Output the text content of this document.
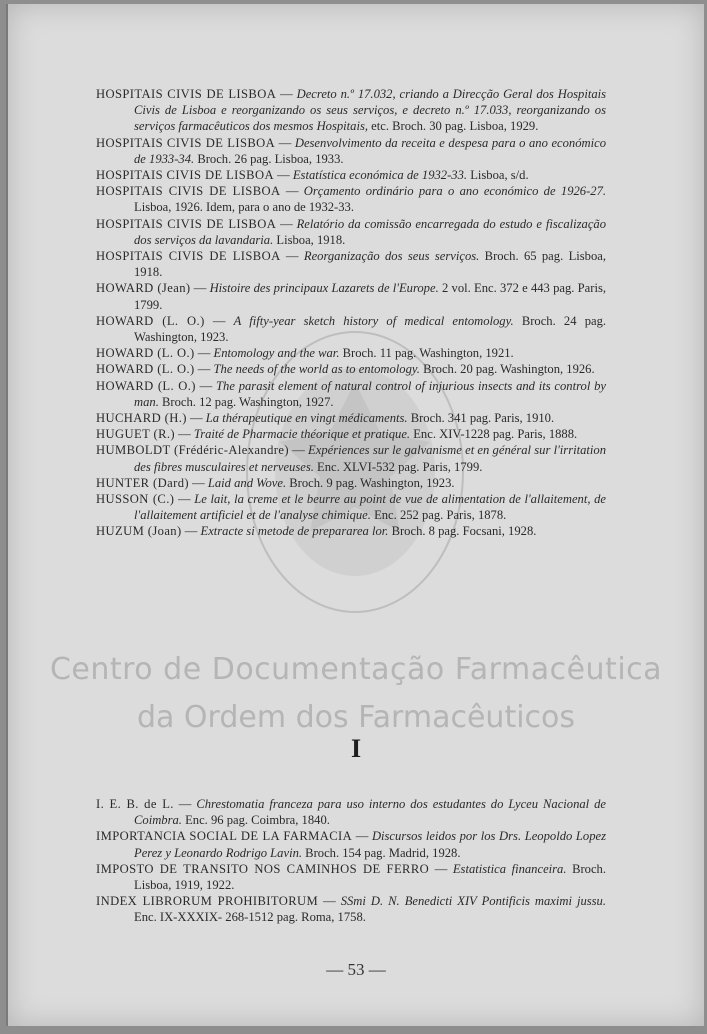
HOSPITAIS CIVIS DE LISBOA — Decreto n.º 17.032, criando a Direcção Geral dos Hospitais Civis de Lisboa e reorganizando os seus serviços, e decreto n.º 17.033, reorganizando os serviços farmacêuticos dos mesmos Hospitais, etc. Broch. 30 pag. Lisboa, 1929.

HOSPITAIS CIVIS DE LISBOA — Desenvolvimento da receita e despesa para o ano económico de 1933-34. Broch. 26 pag. Lisboa, 1933.

HOSPITAIS CIVIS DE LISBOA — Estatística económica de 1932-33. Lisboa, s/d.

HOSPITAIS CIVIS DE LISBOA — Orçamento ordinário para o ano económico de 1926-27. Lisboa, 1926. Idem, para o ano de 1932-33.

HOSPITAIS CIVIS DE LISBOA — Relatório da comissão encarregada do estudo e fiscalização dos serviços da lavandaria. Lisboa, 1918.

HOSPITAIS CIVIS DE LISBOA — Reorganização dos seus serviços. Broch. 65 pag. Lisboa, 1918.

HOWARD (Jean) — Histoire des principaux Lazarets de l'Europe. 2 vol. Enc. 372 e 443 pag. Paris, 1799.

HOWARD (L. O.) — A fifty-year sketch history of medical entomology. Broch. 24 pag. Washington, 1923.

HOWARD (L. O.) — Entomology and the war. Broch. 11 pag. Washington, 1921.

HOWARD (L. O.) — The needs of the world as to entomology. Broch. 20 pag. Washington, 1926.

HOWARD (L. O.) — The parasit element of natural control of injurious insects and its control by man. Broch. 12 pag. Washington, 1927.

HUCHARD (H.) — La thérapeutique en vingt médicaments. Broch. 341 pag. Paris, 1910.

HUGUET (R.) — Traité de Pharmacie théorique et pratique. Enc. XIV-1228 pag. Paris, 1888.

HUMBOLDT (Frédéric-Alexandre) — Expériences sur le galvanisme et en général sur l'irritation des fibres musculaires et nerveuses. Enc. XLVI-532 pag. Paris, 1799.

HUNTER (Dard) — Laid and Wove. Broch. 9 pag. Washington, 1923.

HUSSON (C.) — Le lait, la creme et le beurre au point de vue de alimentation de l'allaitement, de l'allaitement artificiel et de l'analyse chimique. Enc. 252 pag. Paris, 1878.

HUZUM (Joan) — Extracte si metode de prepararea lor. Broch. 8 pag. Focsani, 1928.

Centro de Documentação Farmacêutica
da Ordem dos Farmacêuticos
I

I. E. B. de L. — Chrestomatia franceza para uso interno dos estudantes do Lyceu Nacional de Coimbra. Enc. 96 pag. Coimbra, 1840.

IMPORTANCIA SOCIAL DE LA FARMACIA — Discursos leidos por los Drs. Leopoldo Lopez Perez y Leonardo Rodrigo Lavin. Broch. 154 pag. Madrid, 1928.

IMPOSTO DE TRANSITO NOS CAMINHOS DE FERRO — Estatistica financeira. Broch. Lisboa, 1919, 1922.

INDEX LIBRORUM PROHIBITORUM — SSmi D. N. Benedicti XIV Pontificis maximi jussu. Enc. IX-XXXIX- 268-1512 pag. Roma, 1758.

— 53 —
